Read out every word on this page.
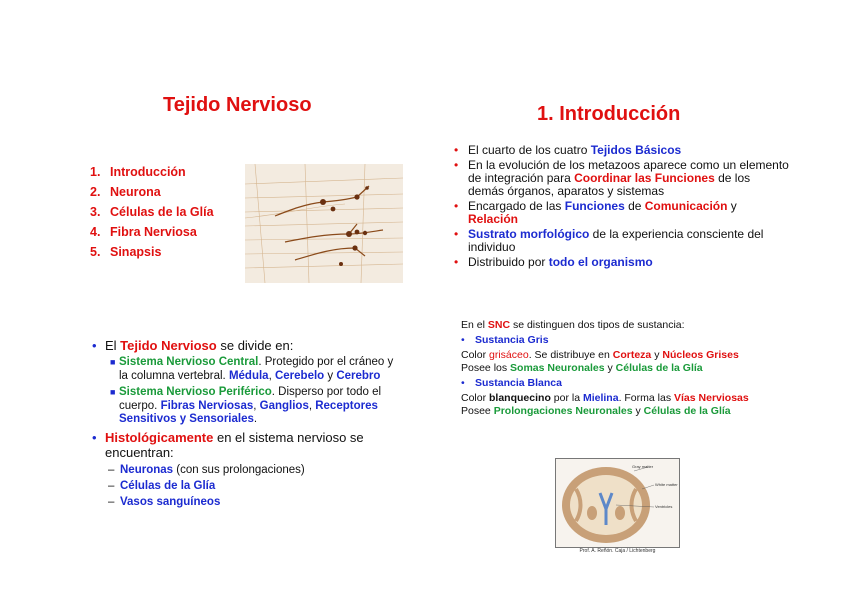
Tejido Nervioso
1. Introducción
2. Neurona
3. Células de la Glía
4. Fibra Nerviosa
5. Sinapsis
• El Tejido Nervioso se divide en:
■ Sistema Nervioso Central. Protegido por el cráneo y la columna vertebral. Médula, Cerebelo y Cerebro
■ Sistema Nervioso Periférico. Disperso por todo el cuerpo. Fibras Nerviosas, Ganglios, Receptores Sensitivos y Sensoriales.
• Histológicamente en el sistema nervioso se encuentran:
– Neuronas (con sus prolongaciones)
– Células de la Glía
– Vasos sanguíneos
1. Introducción
• El cuarto de los cuatro Tejidos Básicos
• En la evolución de los metazoos aparece como un elemento de integración para Coordinar las Funciones de los demás órganos, aparatos y sistemas
• Encargado de las Funciones de Comunicación y Relación
• Sustrato morfológico de la experiencia consciente del individuo
• Distribuido por todo el organismo

En el SNC se distinguen dos tipos de sustancia:

• Sustancia Gris

Color grisáceo. Se distribuye en Corteza y Núcleos Grises Posee los Somas Neuronales y Células de la Glía

• Sustancia Blanca

Color blanquecino por la Mielina. Forma las Vías Nerviosas Posee Prolongaciones Neuronales y Células de la Glía

Gray matter
White matter
Ventricles
Prof. A. Reñón. Caja / Lichtenberg
